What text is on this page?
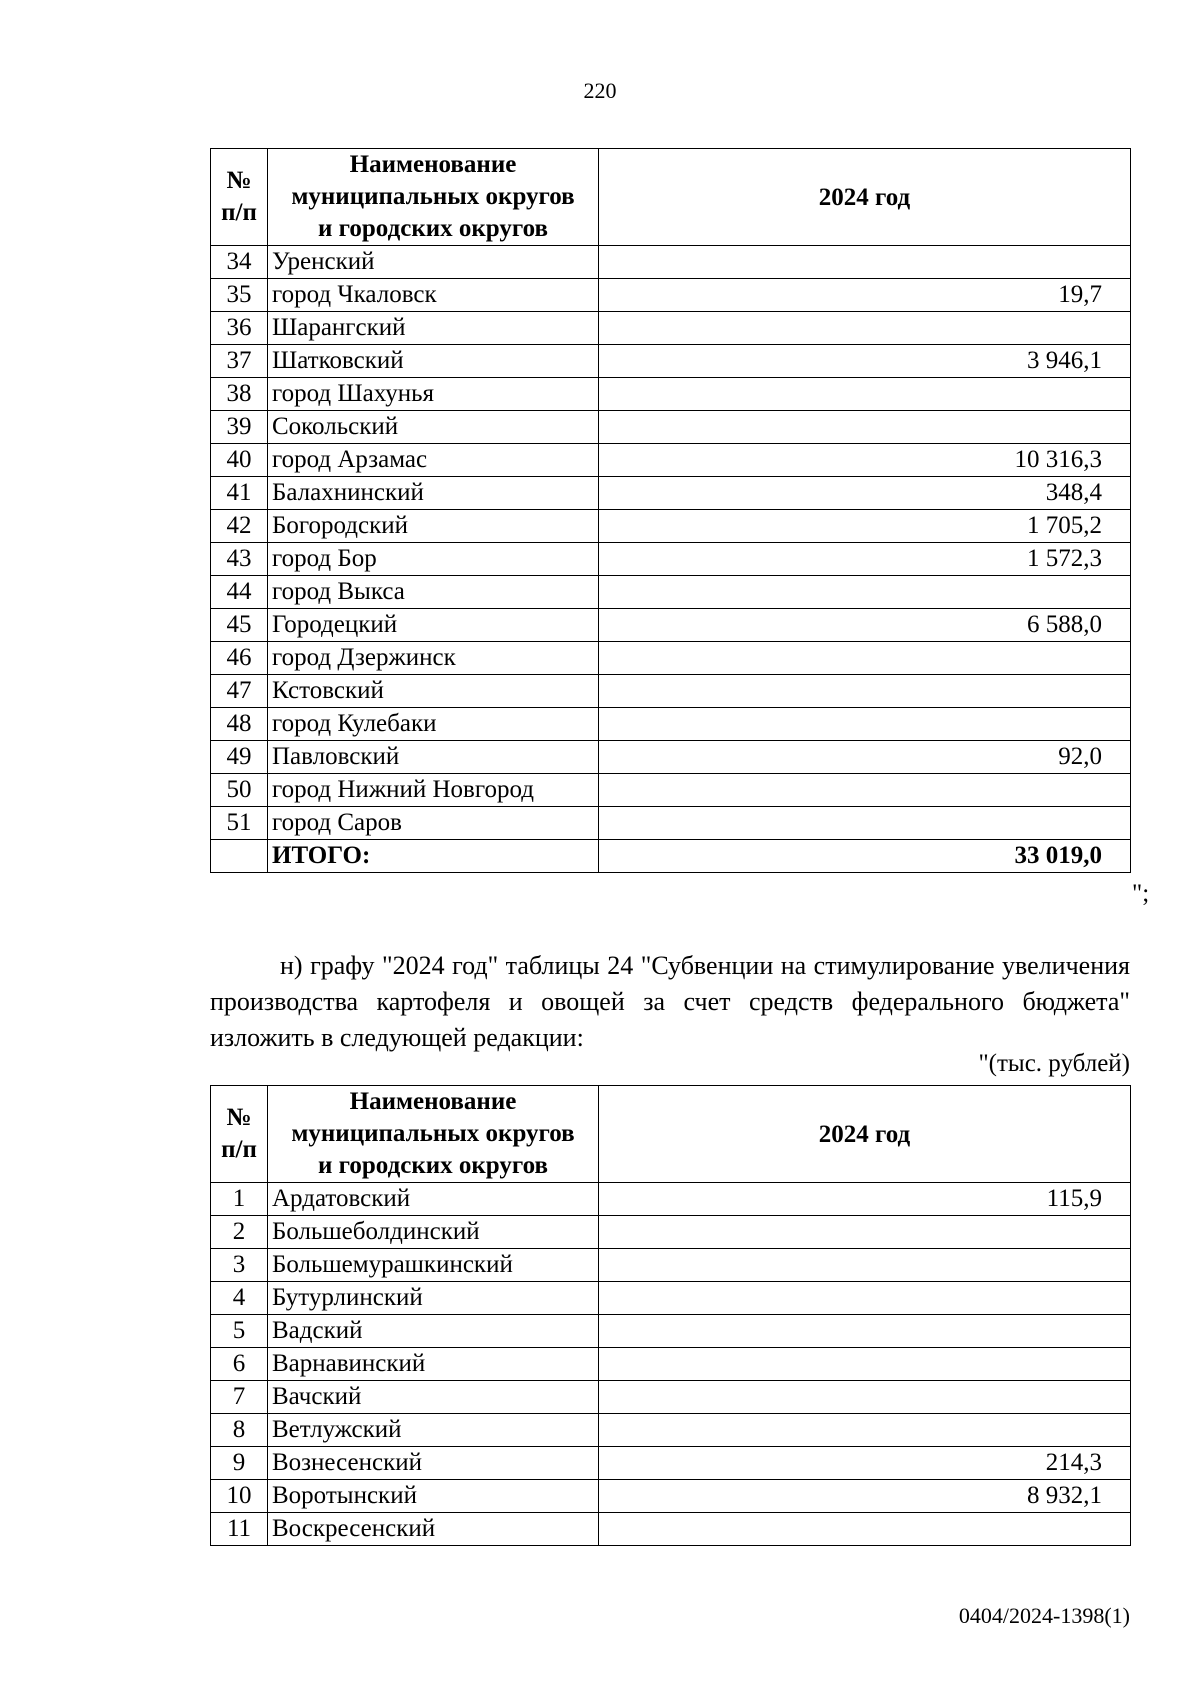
220
№
п/п	Наименование
муниципальных округов
и городских округов	2024 год
34	Уренский	
35	город Чкаловск	19,7
36	Шарангский	
37	Шатковский	3 946,1
38	город Шахунья	
39	Сокольский	
40	город Арзамас	10 316,3
41	Балахнинский	348,4
42	Богородский	1 705,2
43	город Бор	1 572,3
44	город Выкса	
45	Городецкий	6 588,0
46	город Дзержинск	
47	Кстовский	
48	город Кулебаки	
49	Павловский	92,0
50	город Нижний Новгород	
51	город Саров	
	ИТОГО:	33 019,0
";
н) графу "2024 год" таблицы 24 "Субвенции на стимулирование увеличения производства картофеля и овощей за счет средств федерального бюджета" изложить в следующей редакции:
"(тыс. рублей)
№
п/п	Наименование
муниципальных округов
и городских округов	2024 год
1	Ардатовский	115,9
2	Большеболдинский	
3	Большемурашкинский	
4	Бутурлинский	
5	Вадский	
6	Варнавинский	
7	Вачский	
8	Ветлужский	
9	Вознесенский	214,3
10	Воротынский	8 932,1
11	Воскресенский	
0404/2024-1398(1)
